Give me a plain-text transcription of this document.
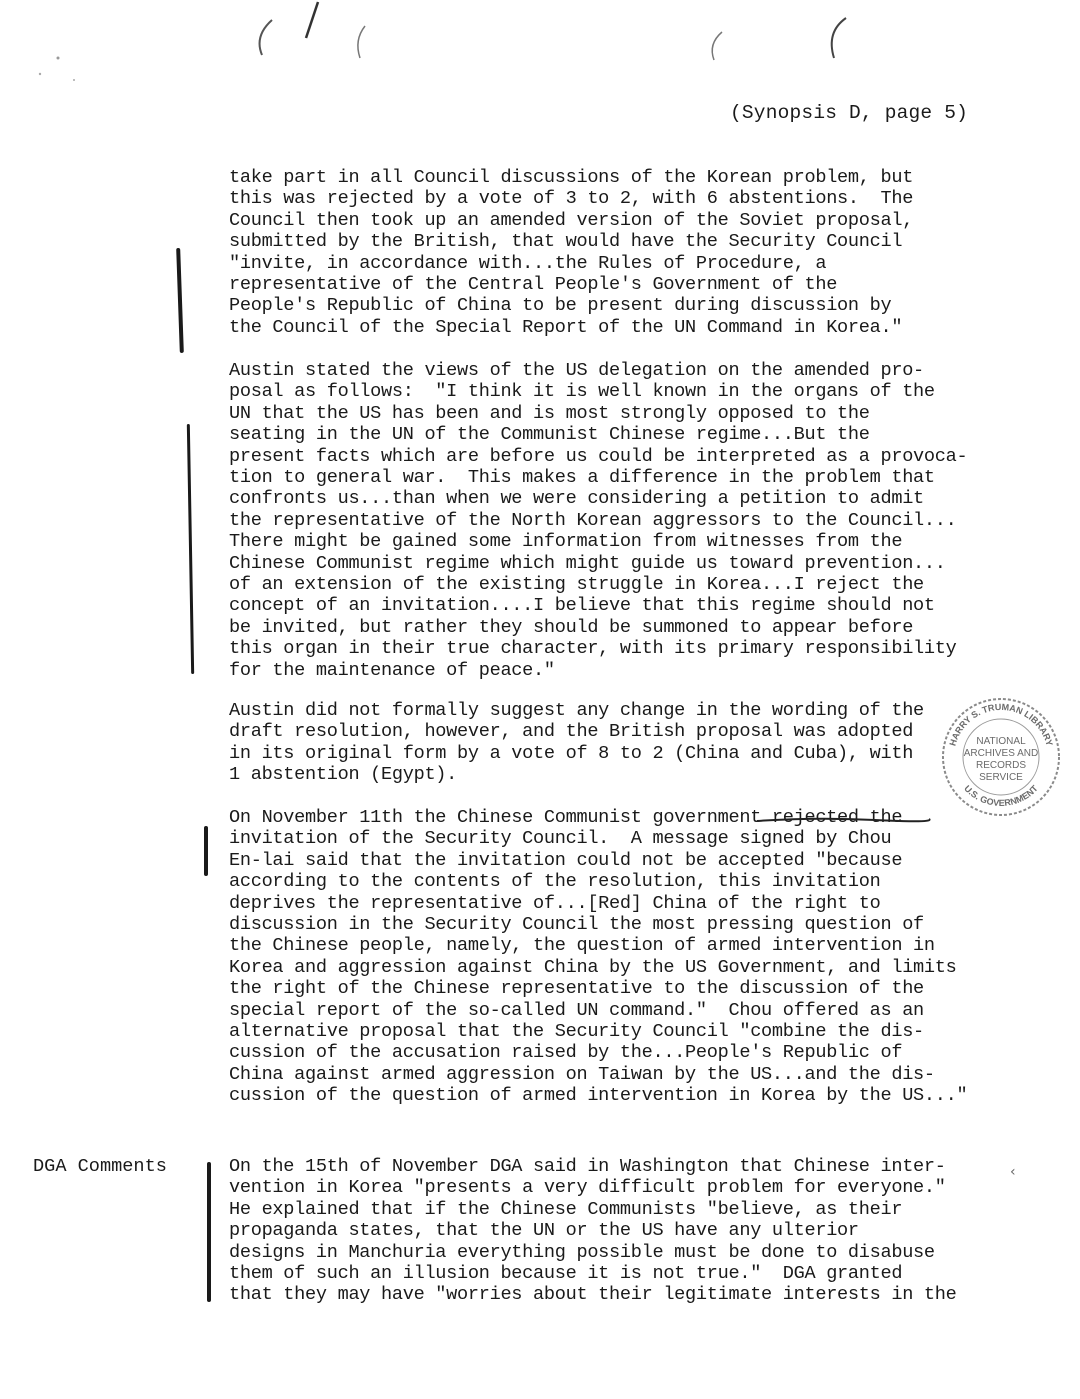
(Synopsis D, page 5)
take part in all Council discussions of the Korean problem, but
this was rejected by a vote of 3 to 2, with 6 abstentions.  The
Council then took up an amended version of the Soviet proposal,
submitted by the British, that would have the Security Council
"invite, in accordance with...the Rules of Procedure, a
representative of the Central People's Government of the
People's Republic of China to be present during discussion by
the Council of the Special Report of the UN Command in Korea."
Austin stated the views of the US delegation on the amended pro-
posal as follows:  "I think it is well known in the organs of the
UN that the US has been and is most strongly opposed to the
seating in the UN of the Communist Chinese regime...But the
present facts which are before us could be interpreted as a provoca-
tion to general war.  This makes a difference in the problem that
confronts us...than when we were considering a petition to admit
the representative of the North Korean aggressors to the Council...
There might be gained some information from witnesses from the
Chinese Communist regime which might guide us toward prevention...
of an extension of the existing struggle in Korea...I reject the
concept of an invitation....I believe that this regime should not
be invited, but rather they should be summoned to appear before
this organ in their true character, with its primary responsibility
for the maintenance of peace."
Austin did not formally suggest any change in the wording of the
draft resolution, however, and the British proposal was adopted
in its original form by a vote of 8 to 2 (China and Cuba), with
1 abstention (Egypt).
On November 11th the Chinese Communist government rejected the
invitation of the Security Council.  A message signed by Chou
En-lai said that the invitation could not be accepted "because
according to the contents of the resolution, this invitation
deprives the representative of...[Red] China of the right to
discussion in the Security Council the most pressing question of
the Chinese people, namely, the question of armed intervention in
Korea and aggression against China by the US Government, and limits
the right of the Chinese representative to the discussion of the
special report of the so-called UN command."  Chou offered as an
alternative proposal that the Security Council "combine the dis-
cussion of the accusation raised by the...People's Republic of
China against armed aggression on Taiwan by the US...and the dis-
cussion of the question of armed intervention in Korea by the US..."
DGA Comments	On the 15th of November DGA said in Washington that Chinese inter-
vention in Korea "presents a very difficult problem for everyone."
He explained that if the Chinese Communists "believe, as their
propaganda states, that the UN or the US have any ulterior
designs in Manchuria everything possible must be done to disabuse
them of such an illusion because it is not true."  DGA granted
that they may have "worries about their legitimate interests in the
HARRY S. TRUMAN LIBRARY
U.S. GOVERNMENT
NATIONAL
ARCHIVES AND
RECORDS
SERVICE
‹
